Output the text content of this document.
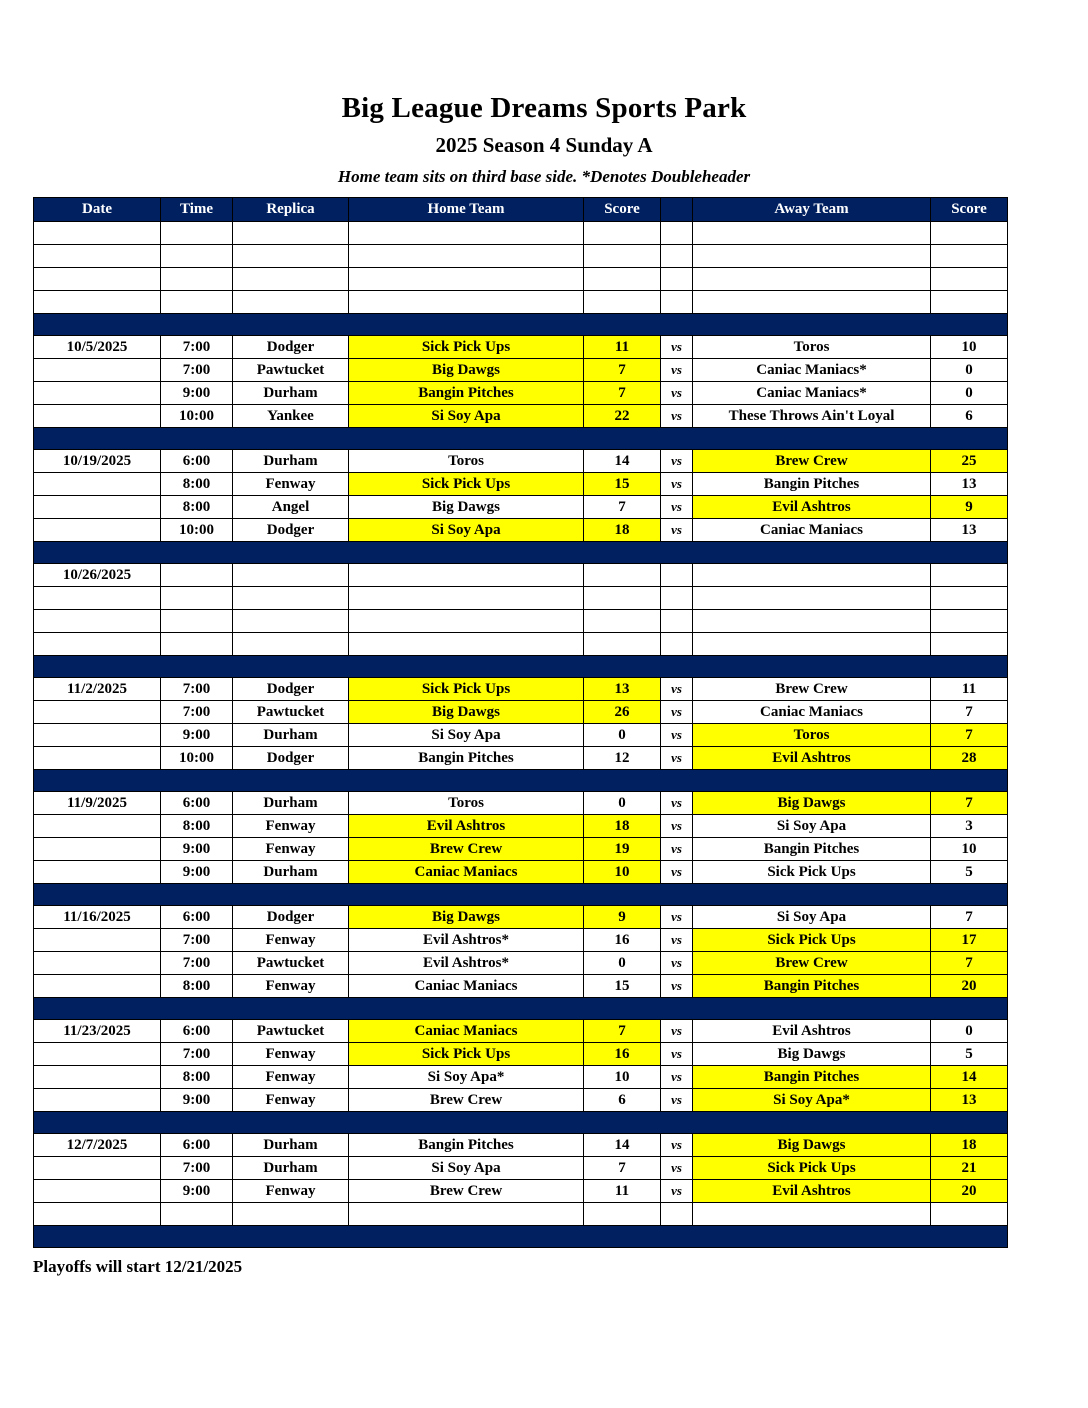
Big League Dreams Sports Park
2025 Season 4 Sunday A
Home team sits on third base side. *Denotes Doubleheader
Date	Time	Replica	Home Team	Score		Away Team	Score

10/5/2025	7:00	Dodger	Sick Pick Ups	11	vs	Toros	10
	7:00	Pawtucket	Big Dawgs	7	vs	Caniac Maniacs*	0
	9:00	Durham	Bangin Pitches	7	vs	Caniac Maniacs*	0
	10:00	Yankee	Si Soy Apa	22	vs	These Throws Ain't Loyal	6

10/19/2025	6:00	Durham	Toros	14	vs	Brew Crew	25
	8:00	Fenway	Sick Pick Ups	15	vs	Bangin Pitches	13
	8:00	Angel	Big Dawgs	7	vs	Evil Ashtros	9
	10:00	Dodger	Si Soy Apa	18	vs	Caniac Maniacs	13

10/26/2025							

11/2/2025	7:00	Dodger	Sick Pick Ups	13	vs	Brew Crew	11
	7:00	Pawtucket	Big Dawgs	26	vs	Caniac Maniacs	7
	9:00	Durham	Si Soy Apa	0	vs	Toros	7
	10:00	Dodger	Bangin Pitches	12	vs	Evil Ashtros	28

11/9/2025	6:00	Durham	Toros	0	vs	Big Dawgs	7
	8:00	Fenway	Evil Ashtros	18	vs	Si Soy Apa	3
	9:00	Fenway	Brew Crew	19	vs	Bangin Pitches	10
	9:00	Durham	Caniac Maniacs	10	vs	Sick Pick Ups	5

11/16/2025	6:00	Dodger	Big Dawgs	9	vs	Si Soy Apa	7
	7:00	Fenway	Evil Ashtros*	16	vs	Sick Pick Ups	17
	7:00	Pawtucket	Evil Ashtros*	0	vs	Brew Crew	7
	8:00	Fenway	Caniac Maniacs	15	vs	Bangin Pitches	20

11/23/2025	6:00	Pawtucket	Caniac Maniacs	7	vs	Evil Ashtros	0
	7:00	Fenway	Sick Pick Ups	16	vs	Big Dawgs	5
	8:00	Fenway	Si Soy Apa*	10	vs	Bangin Pitches	14
	9:00	Fenway	Brew Crew	6	vs	Si Soy Apa*	13

12/7/2025	6:00	Durham	Bangin Pitches	14	vs	Big Dawgs	18
	7:00	Durham	Si Soy Apa	7	vs	Sick Pick Ups	21
	9:00	Fenway	Brew Crew	11	vs	Evil Ashtros	20

Playoffs will start 12/21/2025
